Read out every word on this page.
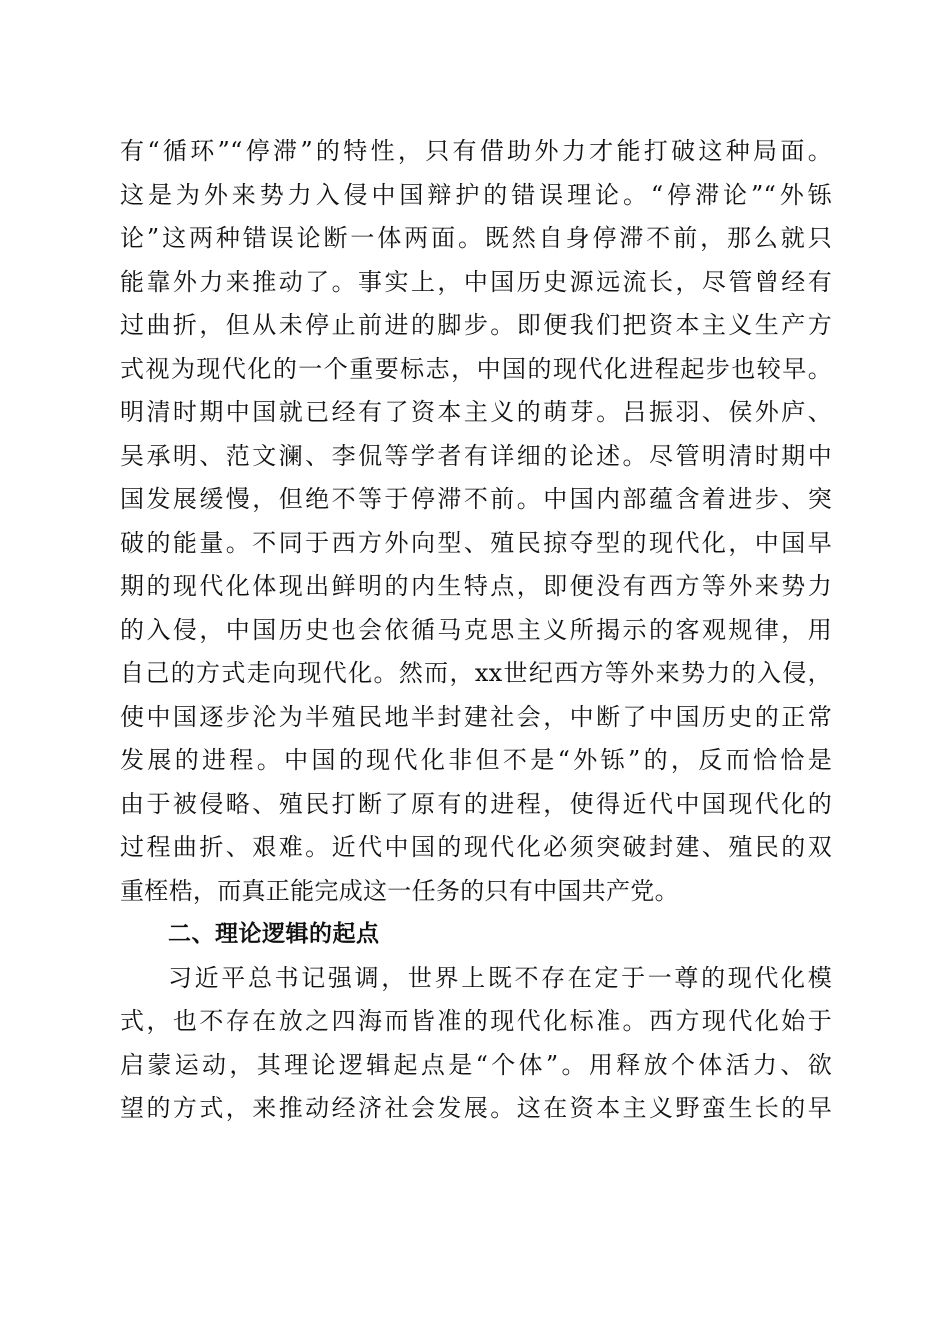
有“循环”“停滞”的特性，只有借助外力才能打破这种局面。
这是为外来势力入侵中国辩护的错误理论。“停滞论”“外铄
论”这两种错误论断一体两面。既然自身停滞不前，那么就只
能靠外力来推动了。事实上，中国历史源远流长，尽管曾经有
过曲折，但从未停止前进的脚步。即便我们把资本主义生产方
式视为现代化的一个重要标志，中国的现代化进程起步也较早。
明清时期中国就已经有了资本主义的萌芽。吕振羽、侯外庐、
吴承明、范文澜、李侃等学者有详细的论述。尽管明清时期中
国发展缓慢，但绝不等于停滞不前。中国内部蕴含着进步、突
破的能量。不同于西方外向型、殖民掠夺型的现代化，中国早
期的现代化体现出鲜明的内生特点，即便没有西方等外来势力
的入侵，中国历史也会依循马克思主义所揭示的客观规律，用
自己的方式走向现代化。然而，xx世纪西方等外来势力的入侵，
使中国逐步沦为半殖民地半封建社会，中断了中国历史的正常
发展的进程。中国的现代化非但不是“外铄”的，反而恰恰是
由于被侵略、殖民打断了原有的进程，使得近代中国现代化的
过程曲折、艰难。近代中国的现代化必须突破封建、殖民的双
重桎梏，而真正能完成这一任务的只有中国共产党。
二、理论逻辑的起点
习近平总书记强调，世界上既不存在定于一尊的现代化模
式，也不存在放之四海而皆准的现代化标准。西方现代化始于
启蒙运动，其理论逻辑起点是“个体”。用释放个体活力、欲
望的方式，来推动经济社会发展。这在资本主义野蛮生长的早
